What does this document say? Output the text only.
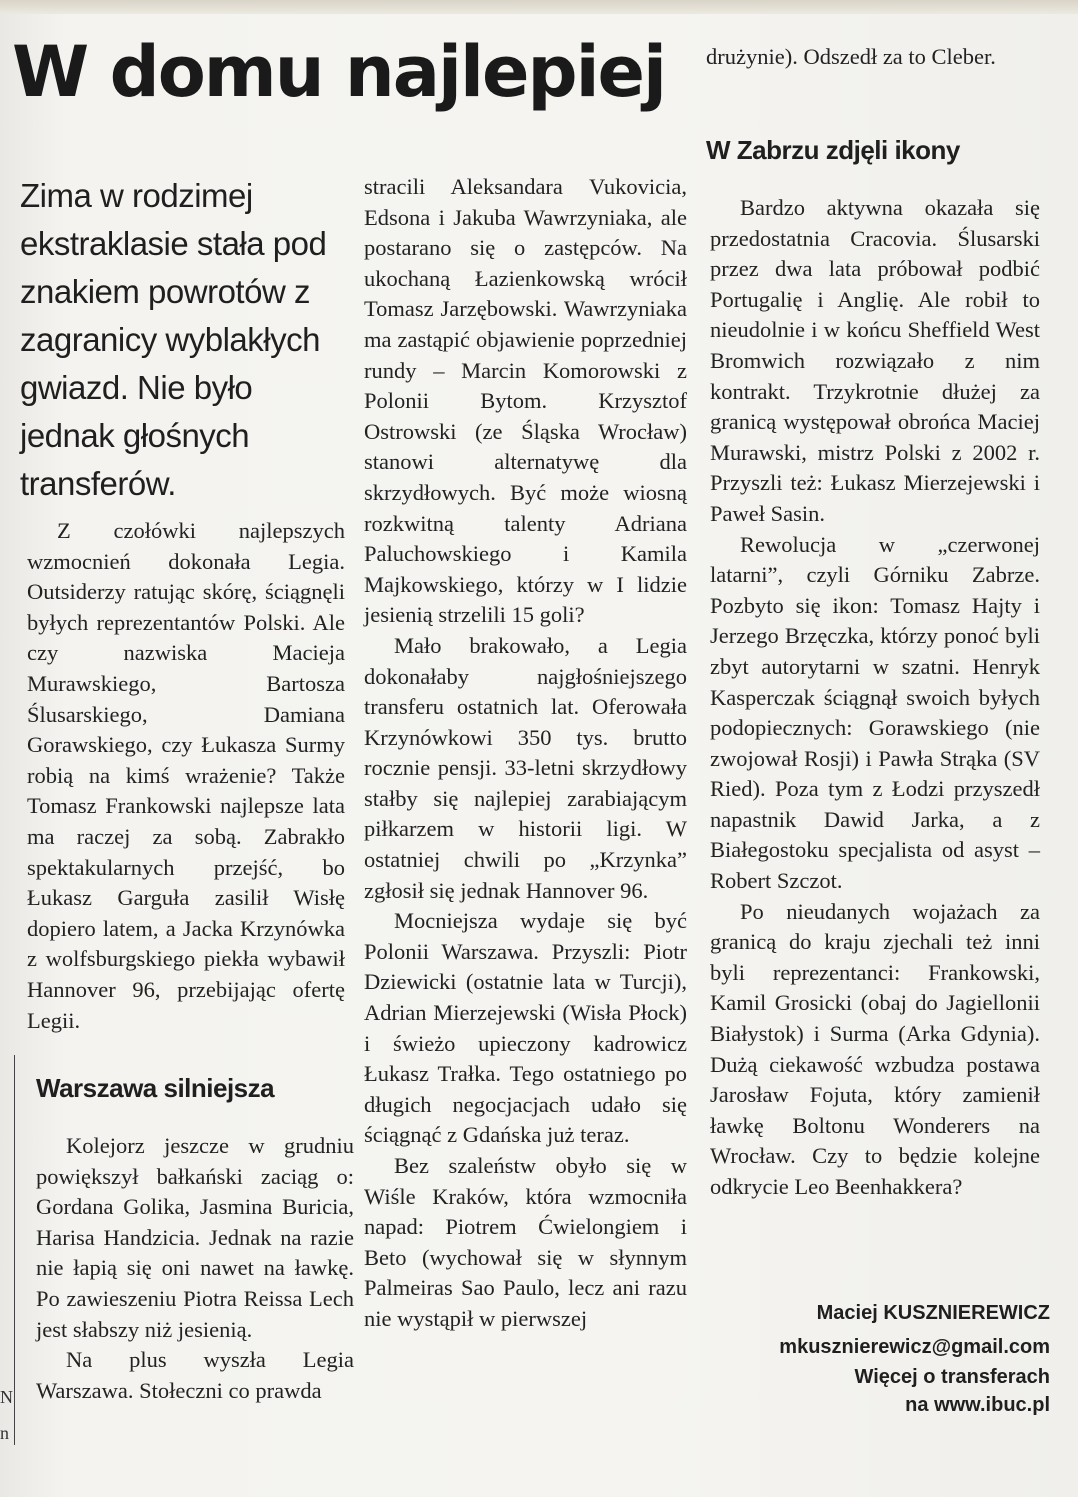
N
n
W domu najlepiej

Zima w rodzimej ekstraklasie stała pod znakiem powrotów z zagranicy wyblakłych gwiazd. Nie było jednak głośnych transferów.

Z czołówki najlepszych wzmocnień dokonała Legia. Outsiderzy ratując skórę, ściągnęli byłych reprezentantów Polski. Ale czy nazwiska Macieja Murawskiego, Bartosza Ślusarskiego, Damiana Gorawskiego, czy Łukasza Surmy robią na kimś wrażenie? Także Tomasz Frankowski najlepsze lata ma raczej za sobą. Zabrakło spektakularnych przejść, bo Łukasz Garguła zasilił Wisłę dopiero latem, a Jacka Krzynówka z wolfsburgskiego piekła wybawił Hannover 96, przebijając ofertę Legii.

Warszawa silniejsza

Kolejorz jeszcze w grudniu powiększył bałkański zaciąg o: Gordana Golika, Jasmina Buricia, Harisa Handzicia. Jednak na razie nie łapią się oni nawet na ławkę. Po zawieszeniu Piotra Reissa Lech jest słabszy niż jesienią.

Na plus wyszła Legia Warszawa. Stołeczni co prawda

stracili Aleksandara Vukovicia, Edsona i Jakuba Wawrzyniaka, ale postarano się o zastępców. Na ukochaną Łazienkowską wrócił Tomasz Jarzębowski. Wawrzyniaka ma zastąpić objawienie poprzedniej rundy – Marcin Komorowski z Polonii Bytom. Krzysztof Ostrowski (ze Śląska Wrocław) stanowi alternatywę dla skrzydłowych. Być może wiosną rozkwitną talenty Adriana Paluchowskiego i Kamila Majkowskiego, którzy w I lidzie jesienią strzelili 15 goli?

Mało brakowało, a Legia dokonałaby najgłośniejszego transferu ostatnich lat. Oferowała Krzynówkowi 350 tys. brutto rocznie pensji. 33-letni skrzydłowy stałby się najlepiej zarabiającym piłkarzem w historii ligi. W ostatniej chwili po „Krzynka” zgłosił się jednak Hannover 96.

Mocniejsza wydaje się być Polonii Warszawa. Przyszli: Piotr Dziewicki (ostatnie lata w Turcji), Adrian Mierzejewski (Wisła Płock) i świeżo upieczony kadrowicz Łukasz Trałka. Tego ostatniego po długich negocjacjach udało się ściągnąć z Gdańska już teraz.

Bez szaleństw obyło się w Wiśle Kraków, która wzmocniła napad: Piotrem Ćwielongiem i Beto (wychował się w słynnym Palmeiras Sao Paulo, lecz ani razu nie wystąpił w pierwszej

drużynie). Odszedł za to Cleber.

W Zabrzu zdjęli ikony

Bardzo aktywna okazała się przedostatnia Cracovia. Ślusarski przez dwa lata próbował podbić Portugalię i Anglię. Ale robił to nieudolnie i w końcu Sheffield West Bromwich rozwiązało z nim kontrakt. Trzykrotnie dłużej za granicą występował obrońca Maciej Murawski, mistrz Polski z 2002 r. Przyszli też: Łukasz Mierzejewski i Paweł Sasin.

Rewolucja w „czerwonej latarni”, czyli Górniku Zabrze. Pozbyto się ikon: Tomasz Hajty i Jerzego Brzęczka, którzy ponoć byli zbyt autorytarni w szatni. Henryk Kasperczak ściągnął swoich byłych podopiecznych: Gorawskiego (nie zwojował Rosji) i Pawła Strąka (SV Ried). Poza tym z Łodzi przyszedł napastnik Dawid Jarka, a z Białegostoku specjalista od asyst – Robert Szczot.

Po nieudanych wojażach za granicą do kraju zjechali też inni byli reprezentanci: Frankowski, Kamil Grosicki (obaj do Jagiellonii Białystok) i Surma (Arka Gdynia). Dużą ciekawość wzbudza postawa Jarosław Fojuta, który zamienił ławkę Boltonu Wonderers na Wrocław. Czy to będzie kolejne odkrycie Leo Beenhakkera?

Maciej KUSZNIEREWICZ

mkusznierewicz@gmail.com

Więcej o transferach

na www.ibuc.pl
